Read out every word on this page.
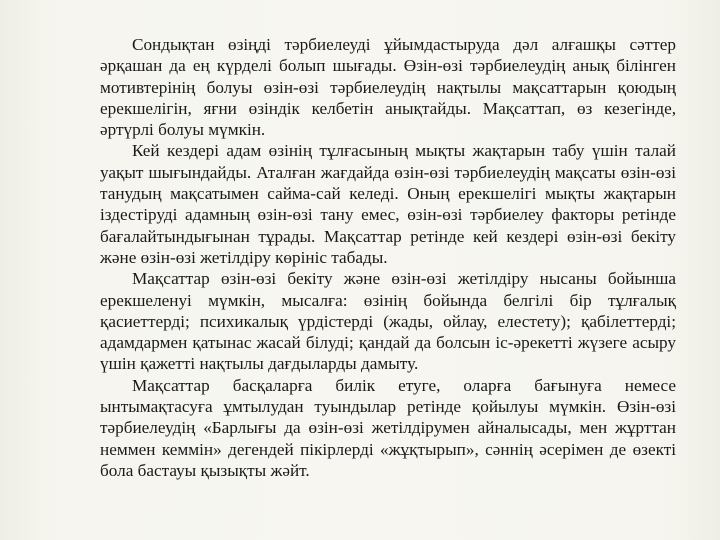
Сондықтан өзіңді тәрбиелеуді ұйымдастыруда дәл алғашқы сәттер әрқашан да ең күрделі болып шығады. Өзін-өзі тәрбиелеудің анық білінген мотивтерінің болуы өзін-өзі тәрбиелеудің нақтылы мақсаттарын қоюдың ерекшелігін, яғни өзіндік келбетін анықтайды. Мақсаттап, өз кезегінде, әртүрлі болуы мүмкін.

Кей кездері адам өзінің тұлғасының мықты жақтарын табу үшін талай уақыт шығындайды. Аталған жағдайда өзін-өзі тәрбиелеудің мақсаты өзін-өзі танудың мақсатымен сайма-сай келеді. Оның ерекшелігі мықты жақтарын іздестіруді адамның өзін-өзі тану емес, өзін-өзі тәрбиелеу факторы ретінде бағалайтындығынан тұрады. Мақсаттар ретінде кей кездері өзін-өзі бекіту және өзін-өзі жетілдіру көрініс табады.

Мақсаттар өзін-өзі бекіту және өзін-өзі жетілдіру нысаны бойынша ерекшеленуі мүмкін, мысалға: өзінің бойында белгілі бір тұлғалық қасиеттерді; психикалық үрдістерді (жады, ойлау, елестету); қабілеттерді; адамдармен қатынас жасай білуді; қандай да болсын іс-әрекетті жүзеге асыру үшін қажетті нақтылы дағдыларды дамыту.

Мақсаттар басқаларға билік етуге, оларға бағынуға немесе ынтымақтасуға ұмтылудан туындылар ретінде қойылуы мүмкін. Өзін-өзі тәрбиелеудің «Барлығы да өзін-өзі жетілдірумен айналысады, мен жұрттан неммен кеммін» дегендей пікірлерді «жұқтырып», сәннің әсерімен де өзекті бола бастауы қызықты жәйт.
